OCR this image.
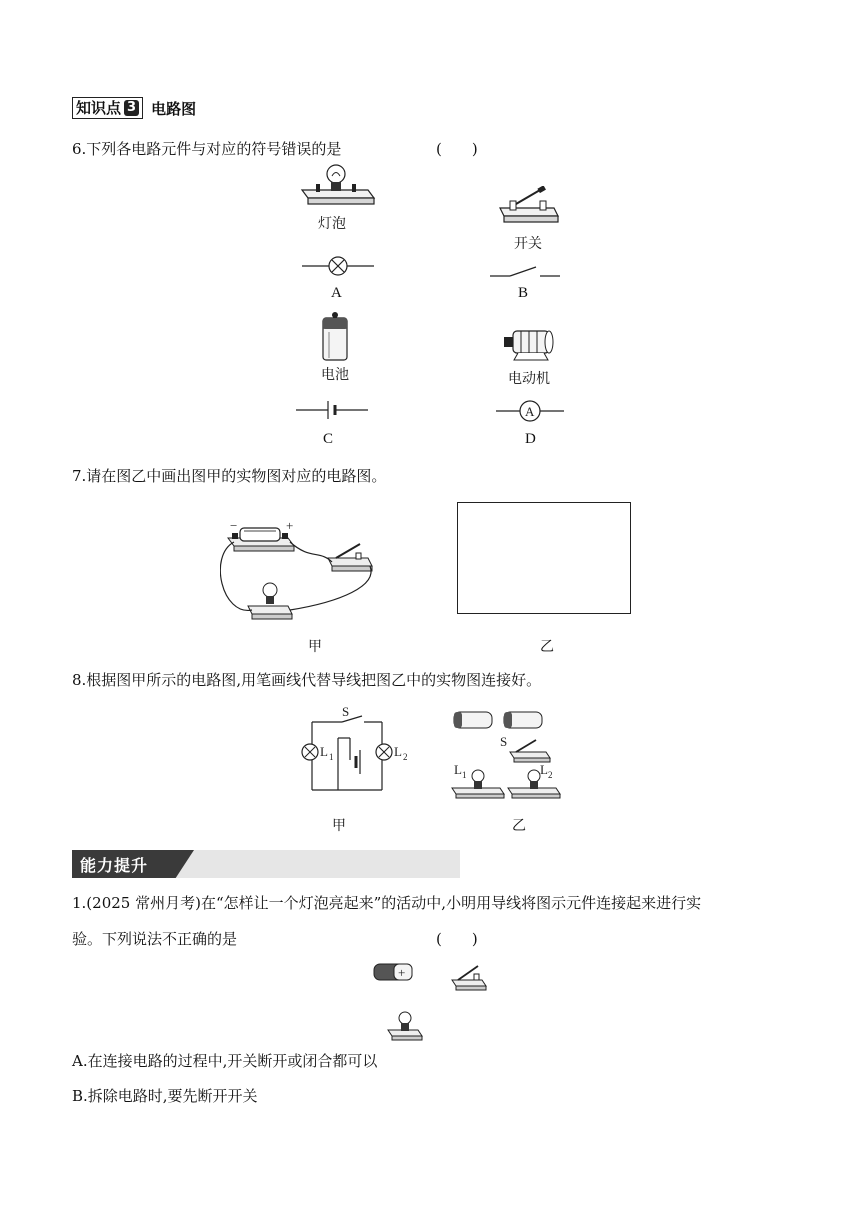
知识点 3 电路图
6.下列各电路元件与对应的符号错误的是	(　　)
灯泡
A
开关
B
电池
C
电动机
A
D
7.请在图乙中画出图甲的实物图对应的电路图。
−	+
甲	乙
8.根据图甲所示的电路图,用笔画线代替导线把图乙中的实物图连接好。
S
L 1	L 2
甲
S
L 1	L 2
乙
能力提升
1.(2025 常州月考)在“怎样让一个灯泡亮起来”的活动中,小明用导线将图示元件连接起来进行实
验。下列说法不正确的是	(　　)
+
A.在连接电路的过程中,开关断开或闭合都可以
B.拆除电路时,要先断开开关
